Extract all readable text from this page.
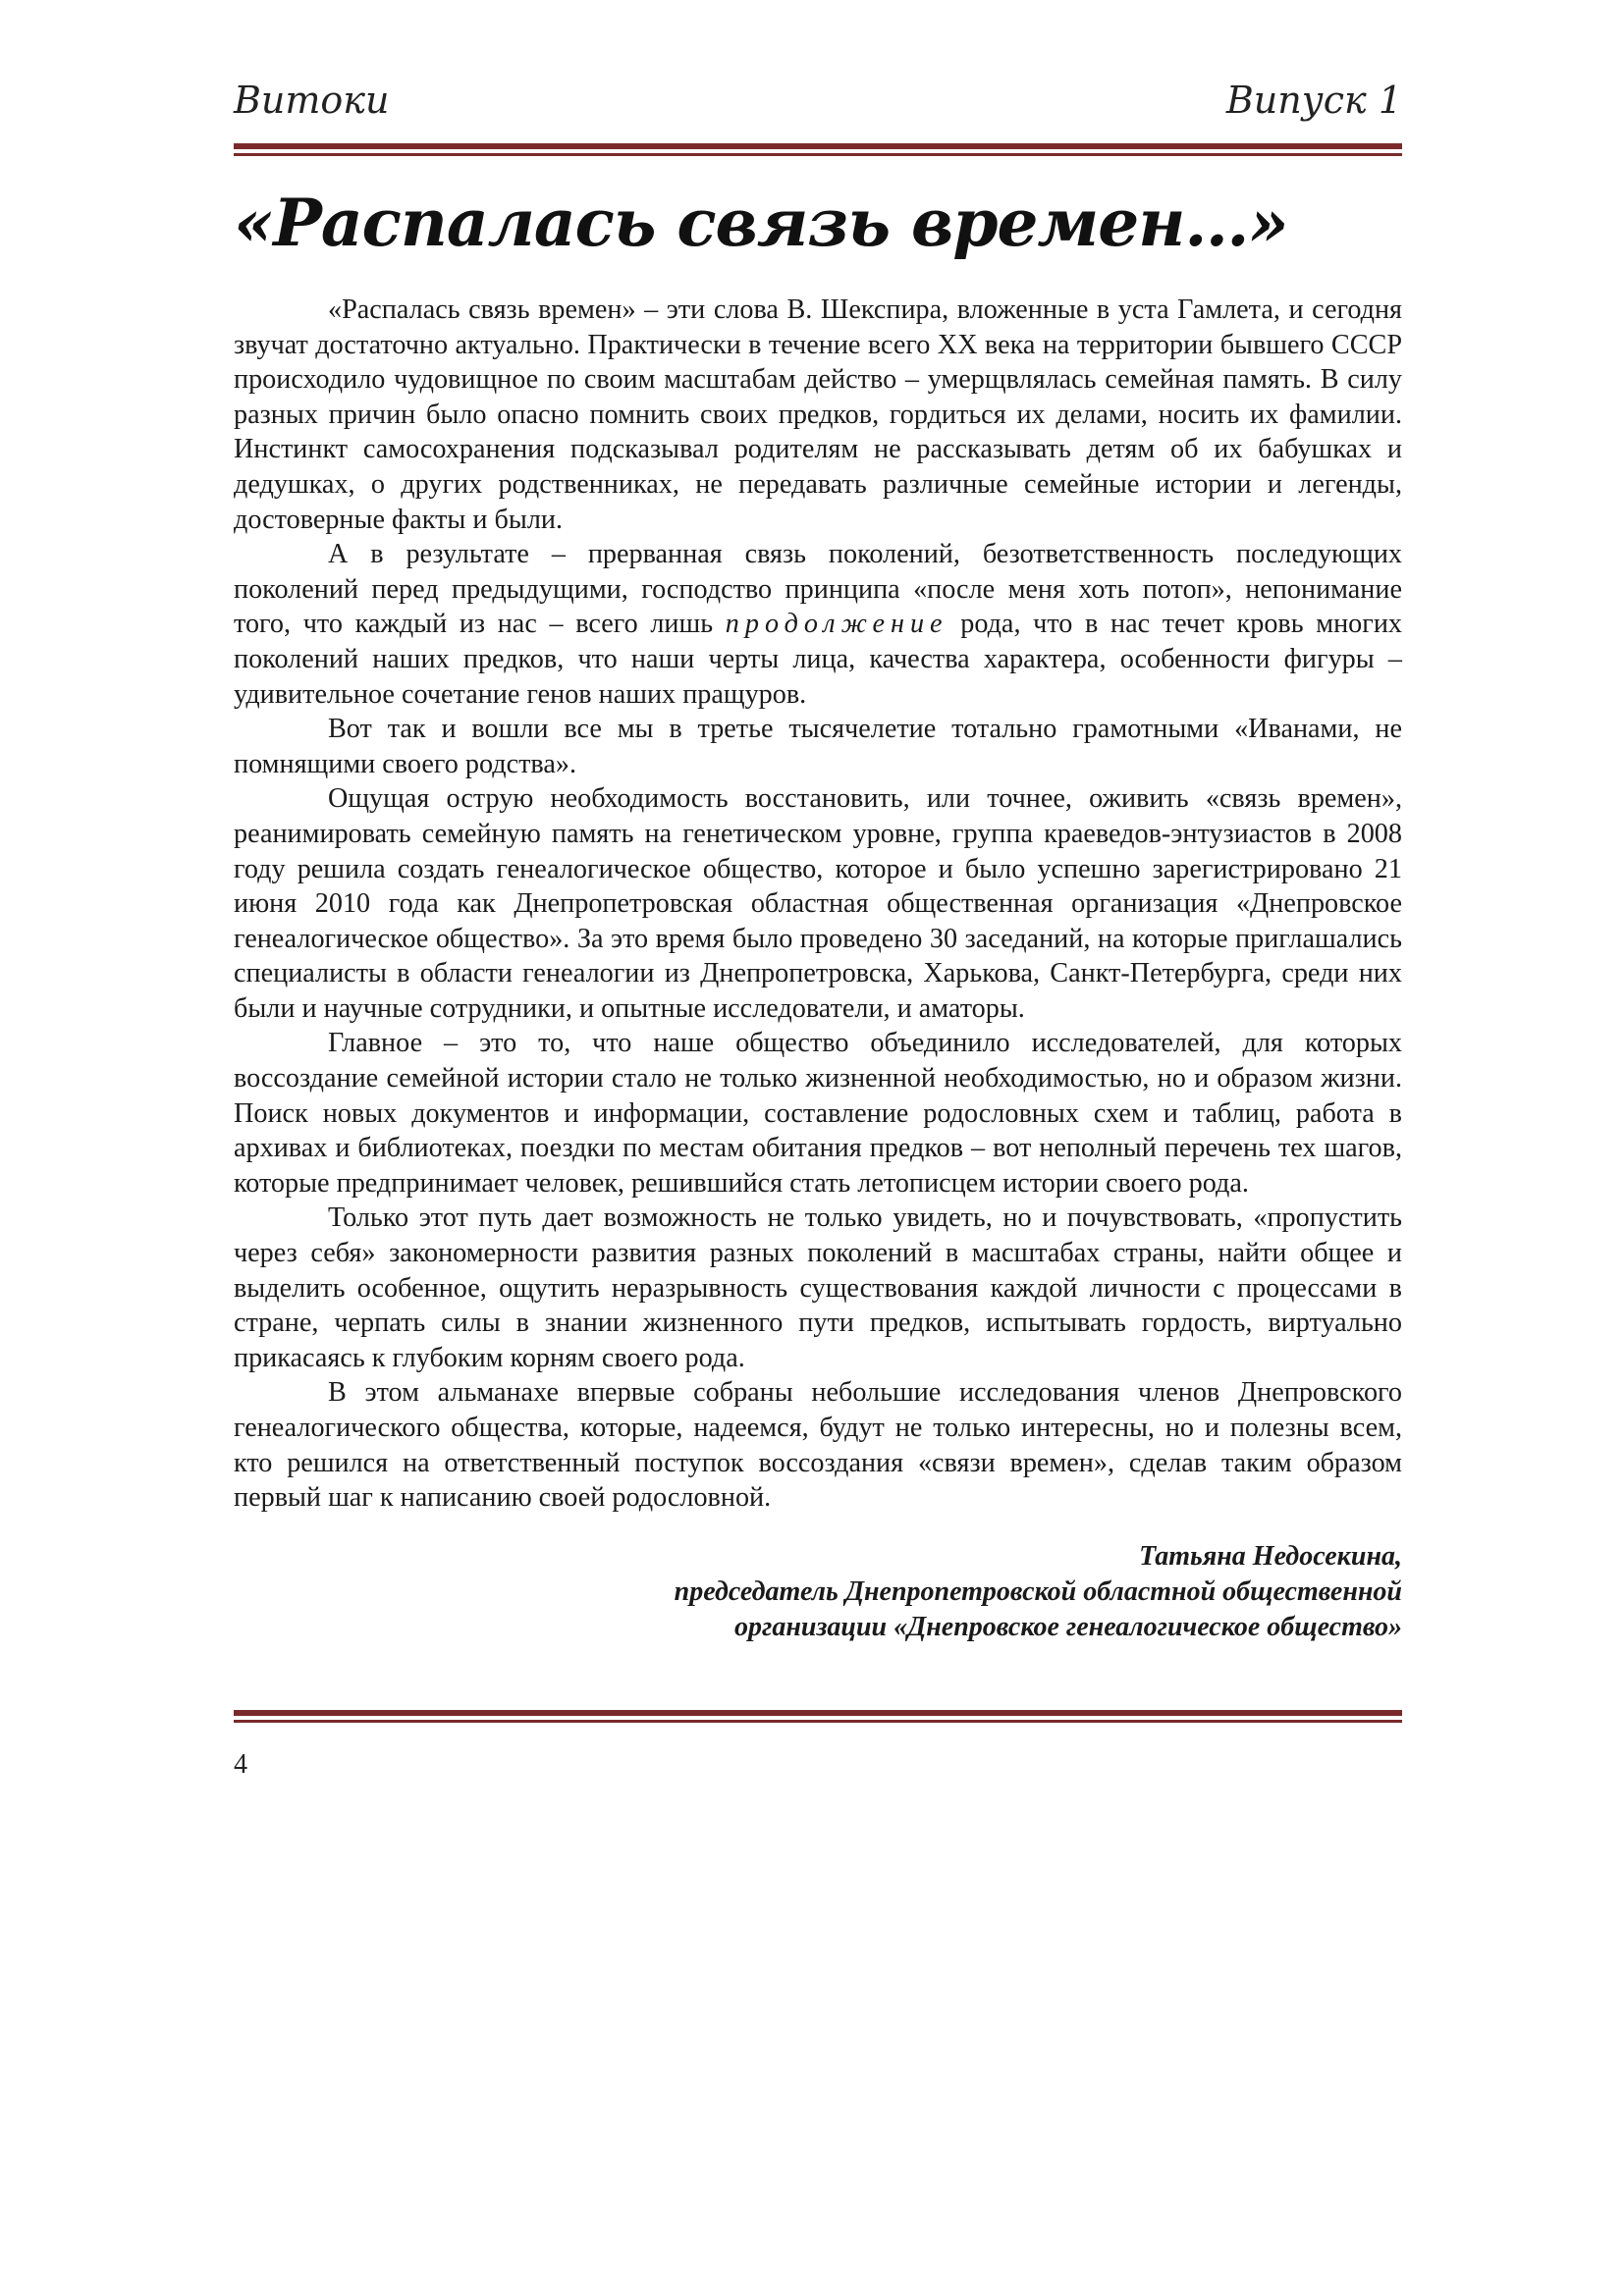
Витоки	Випуск 1
«Распалась связь времен…»

«Распалась связь времен» – эти слова В. Шекспира, вложенные в уста Гамлета, и сегодня звучат достаточно актуально. Практически в течение всего XX века на территории бывшего СССР происходило чудовищное по своим масштабам действо – умерщвлялась семейная память. В силу разных причин было опасно помнить своих предков, гордиться их делами, носить их фамилии. Инстинкт самосохранения подсказывал родителям не рассказывать детям об их бабушках и дедушках, о других родственниках, не передавать различные семейные истории и легенды, достоверные факты и были.

А в результате – прерванная связь поколений, безответственность последующих поколений перед предыдущими, господство принципа «после меня хоть потоп», непонимание того, что каждый из нас – всего лишь продолжение рода, что в нас течет кровь многих поколений наших предков, что наши черты лица, качества характера, особенности фигуры – удивительное сочетание генов наших пращуров.

Вот так и вошли все мы в третье тысячелетие тотально грамотными «Иванами, не помнящими своего родства».

Ощущая острую необходимость восстановить, или точнее, оживить «связь времен», реанимировать семейную память на генетическом уровне, группа краеведов-энтузиастов в 2008 году решила создать генеалогическое общество, которое и было успешно зарегистрировано 21 июня 2010 года как Днепропетровская областная общественная организация «Днепровское генеалогическое общество». За это время было проведено 30 заседаний, на которые приглашались специалисты в области генеалогии из Днепропетровска, Харькова, Санкт-Петербурга, среди них были и научные сотрудники, и опытные исследователи, и аматоры.

Главное – это то, что наше общество объединило исследователей, для которых воссоздание семейной истории стало не только жизненной необходимостью, но и образом жизни. Поиск новых документов и информации, составление родословных схем и таблиц, работа в архивах и библиотеках, поездки по местам обитания предков – вот неполный перечень тех шагов, которые предпринимает человек, решившийся стать летописцем истории своего рода.

Только этот путь дает возможность не только увидеть, но и почувствовать, «пропустить через себя» закономерности развития разных поколений в масштабах страны, найти общее и выделить особенное, ощутить неразрывность существования каждой личности с процессами в стране, черпать силы в знании жизненного пути предков, испытывать гордость, виртуально прикасаясь к глубоким корням своего рода.

В этом альманахе впервые собраны небольшие исследования членов Днепровского генеалогического общества, которые, надеемся, будут не только интересны, но и полезны всем, кто решился на ответственный поступок воссоздания «связи времен», сделав таким образом первый шаг к написанию своей родословной.

Татьяна Недосекина,
председатель Днепропетровской областной общественной
организации «Днепровское генеалогическое общество»
4
